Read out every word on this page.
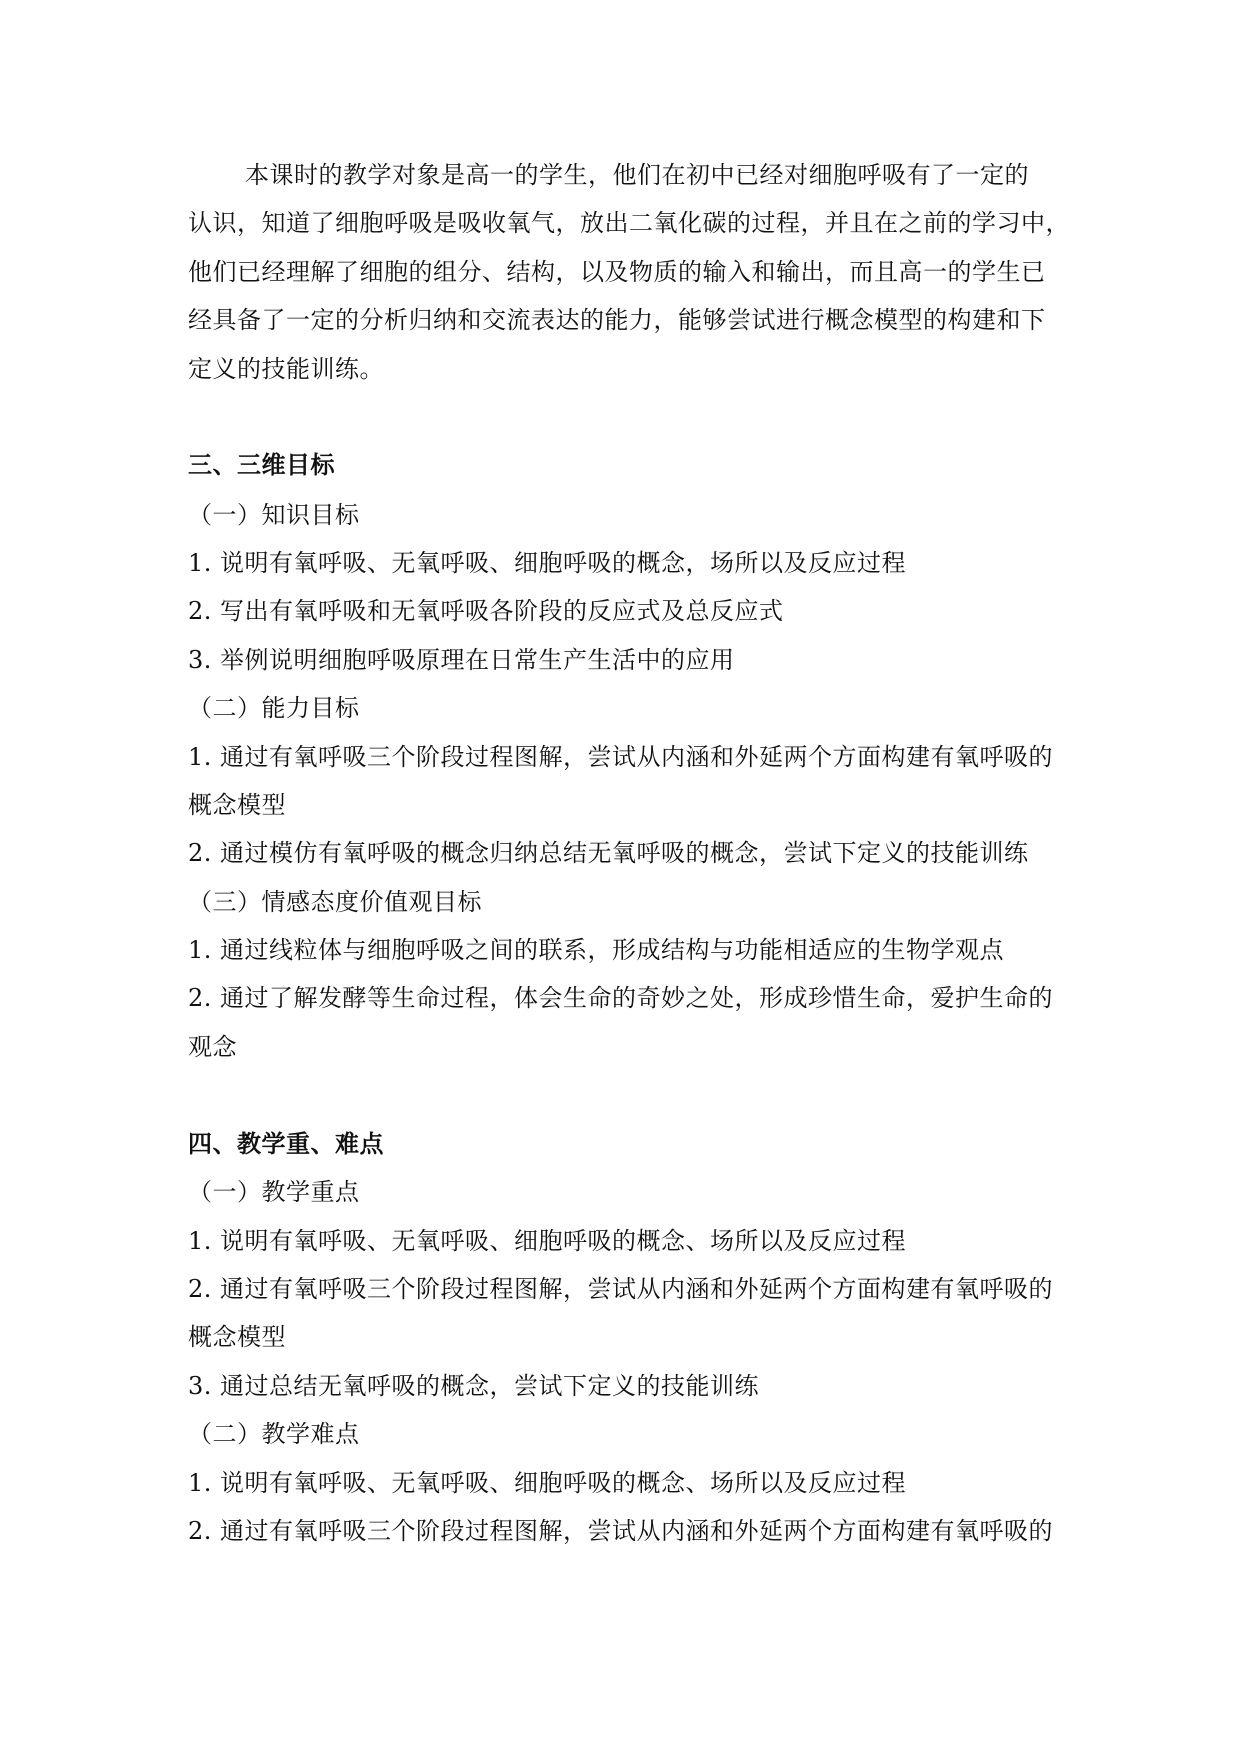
本课时的教学对象是高一的学生，他们在初中已经对细胞呼吸有了一定的
认识，知道了细胞呼吸是吸收氧气，放出二氧化碳的过程，并且在之前的学习中，
他们已经理解了细胞的组分、结构，以及物质的输入和输出，而且高一的学生已
经具备了一定的分析归纳和交流表达的能力，能够尝试进行概念模型的构建和下
定义的技能训练。
三、三维目标
（一）知识目标
1. 说明有氧呼吸、无氧呼吸、细胞呼吸的概念，场所以及反应过程
2. 写出有氧呼吸和无氧呼吸各阶段的反应式及总反应式
3. 举例说明细胞呼吸原理在日常生产生活中的应用
（二）能力目标
1. 通过有氧呼吸三个阶段过程图解，尝试从内涵和外延两个方面构建有氧呼吸的
概念模型
2. 通过模仿有氧呼吸的概念归纳总结无氧呼吸的概念，尝试下定义的技能训练
（三）情感态度价值观目标
1. 通过线粒体与细胞呼吸之间的联系，形成结构与功能相适应的生物学观点
2. 通过了解发酵等生命过程，体会生命的奇妙之处，形成珍惜生命，爱护生命的
观念
四、教学重、难点
（一）教学重点
1. 说明有氧呼吸、无氧呼吸、细胞呼吸的概念、场所以及反应过程
2. 通过有氧呼吸三个阶段过程图解，尝试从内涵和外延两个方面构建有氧呼吸的
概念模型
3. 通过总结无氧呼吸的概念，尝试下定义的技能训练
（二）教学难点
1. 说明有氧呼吸、无氧呼吸、细胞呼吸的概念、场所以及反应过程
2. 通过有氧呼吸三个阶段过程图解，尝试从内涵和外延两个方面构建有氧呼吸的
